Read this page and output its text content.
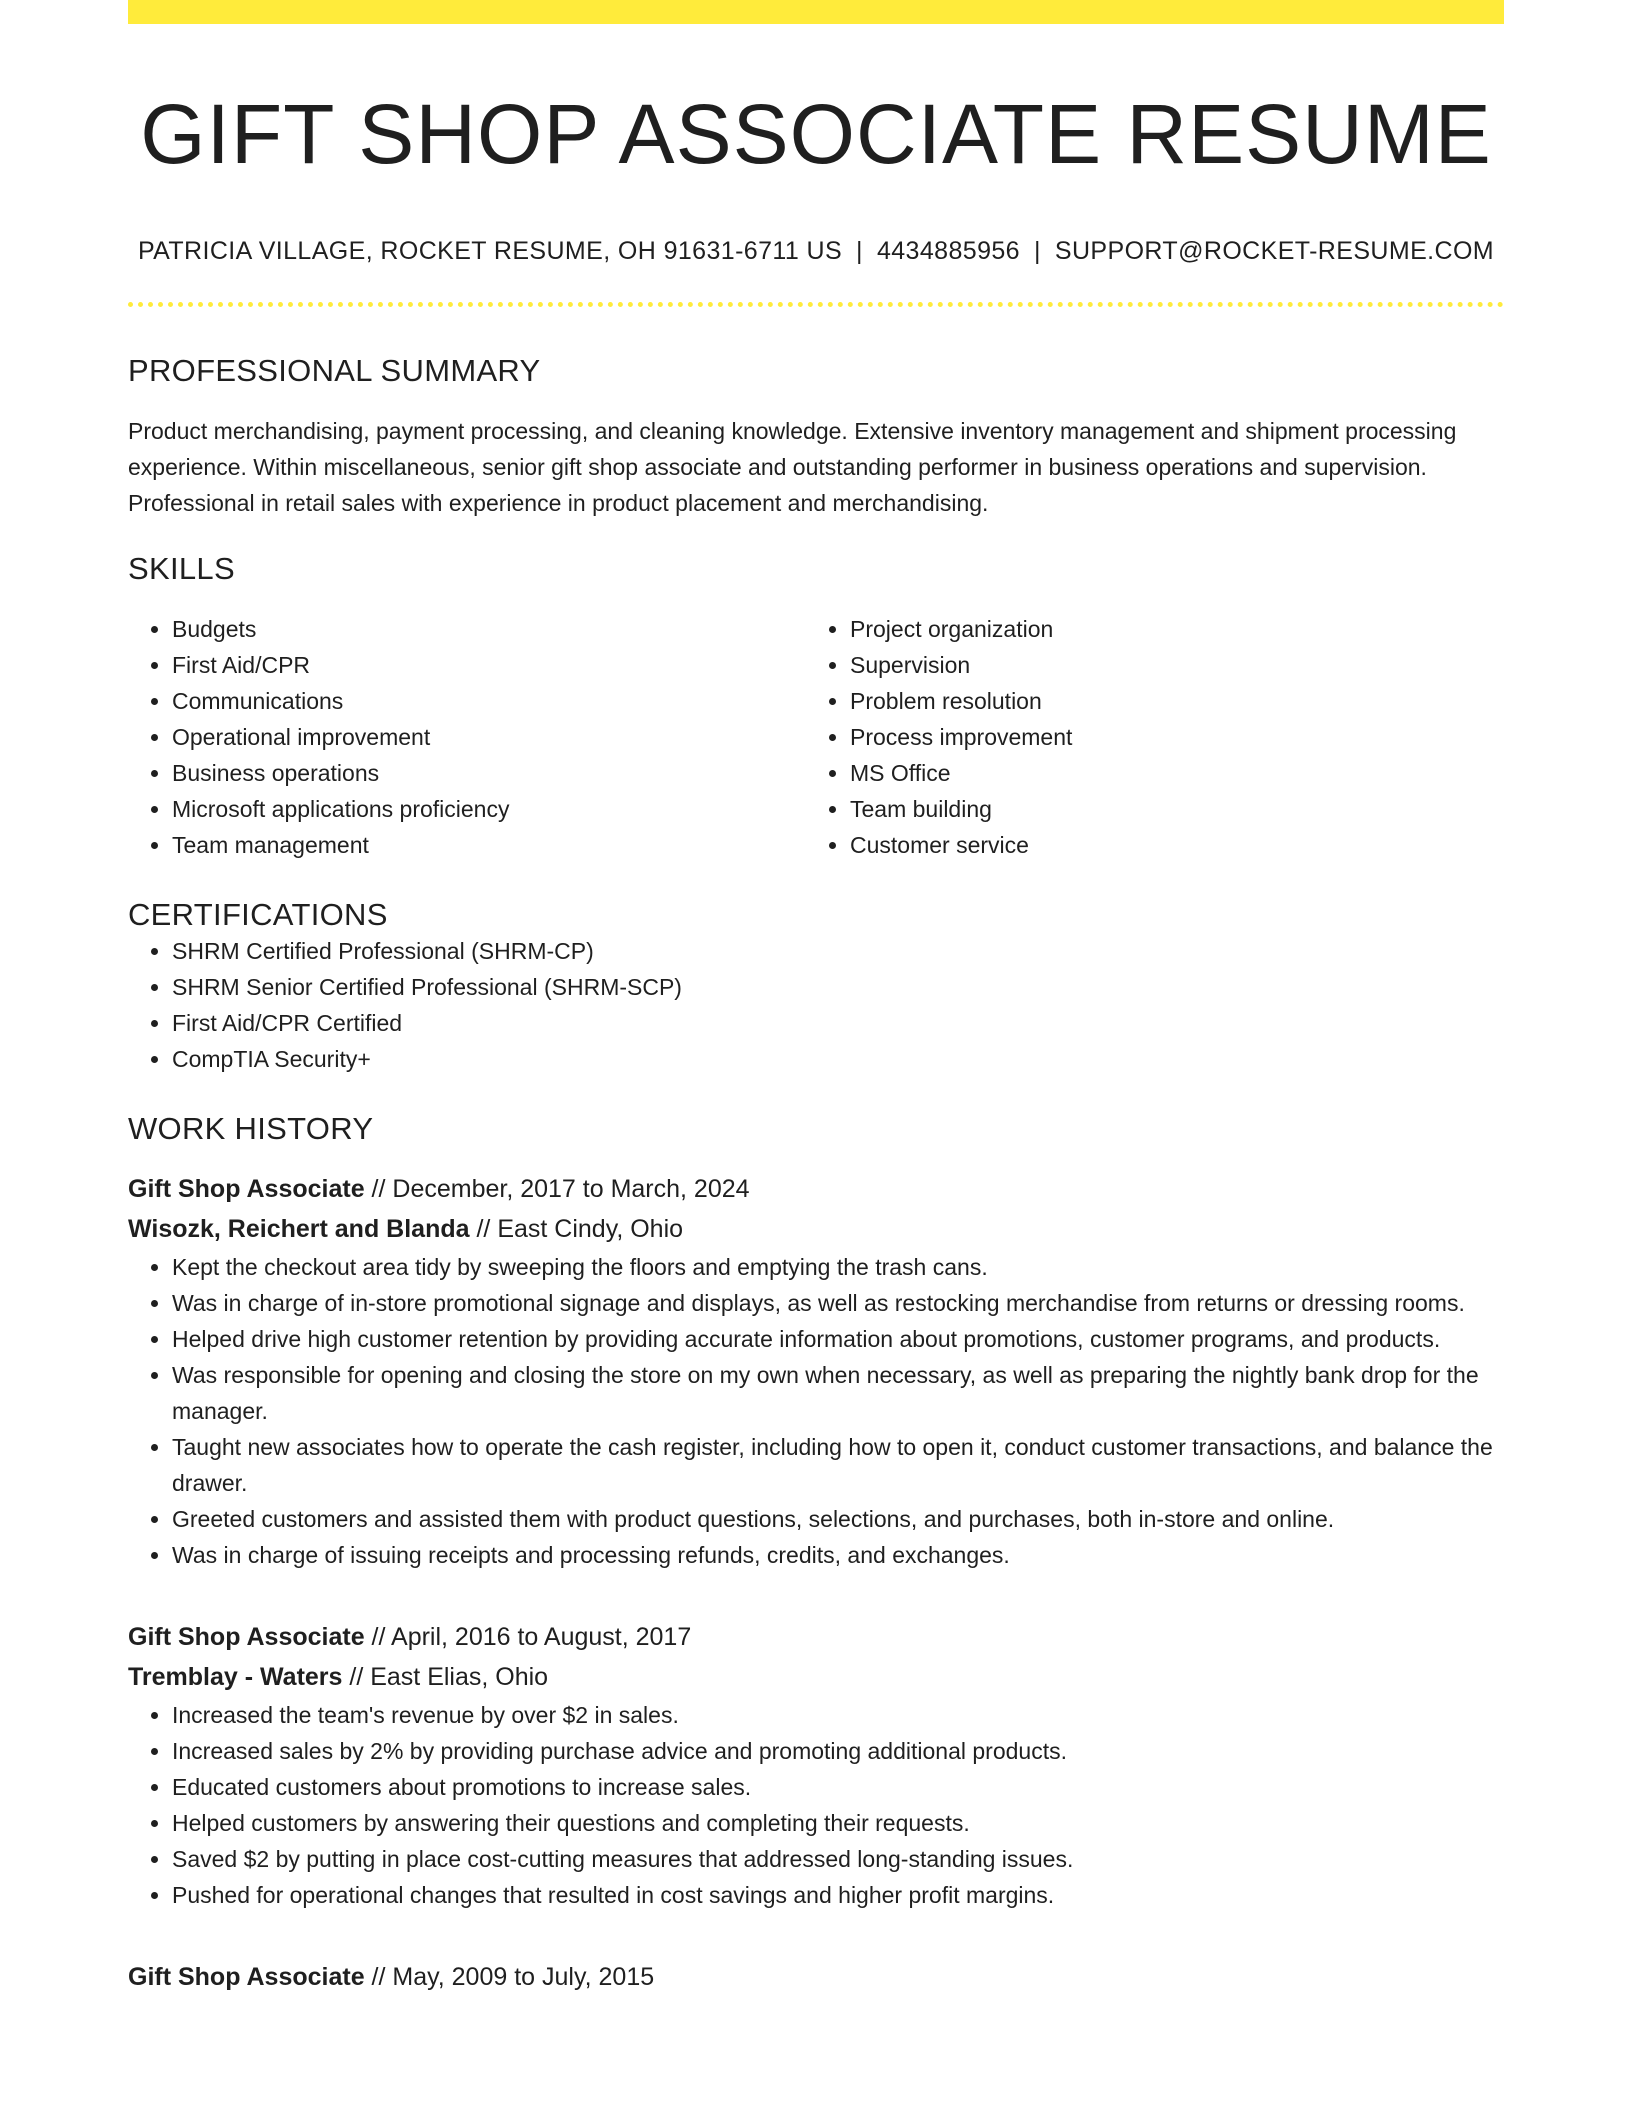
GIFT SHOP ASSOCIATE RESUME
PATRICIA VILLAGE, ROCKET RESUME, OH 91631-6711 US | 4434885956 | SUPPORT@ROCKET-RESUME.COM
PROFESSIONAL SUMMARY

Product merchandising, payment processing, and cleaning knowledge. Extensive inventory management and shipment processing experience. Within miscellaneous, senior gift shop associate and outstanding performer in business operations and supervision. Professional in retail sales with experience in product placement and merchandising.

SKILLS
• Budgets
• First Aid/CPR
• Communications
• Operational improvement
• Business operations
• Microsoft applications proficiency
• Team management
• Project organization
• Supervision
• Problem resolution
• Process improvement
• MS Office
• Team building
• Customer service
CERTIFICATIONS
• SHRM Certified Professional (SHRM-CP)
• SHRM Senior Certified Professional (SHRM-SCP)
• First Aid/CPR Certified
• CompTIA Security+
WORK HISTORY
Gift Shop Associate // December, 2017 to March, 2024
Wisozk, Reichert and Blanda // East Cindy, Ohio
• Kept the checkout area tidy by sweeping the floors and emptying the trash cans.
• Was in charge of in-store promotional signage and displays, as well as restocking merchandise from returns or dressing rooms.
• Helped drive high customer retention by providing accurate information about promotions, customer programs, and products.
• Was responsible for opening and closing the store on my own when necessary, as well as preparing the nightly bank drop for the manager.
• Taught new associates how to operate the cash register, including how to open it, conduct customer transactions, and balance the drawer.
• Greeted customers and assisted them with product questions, selections, and purchases, both in-store and online.
• Was in charge of issuing receipts and processing refunds, credits, and exchanges.
Gift Shop Associate // April, 2016 to August, 2017
Tremblay - Waters // East Elias, Ohio
• Increased the team's revenue by over $2 in sales.
• Increased sales by 2% by providing purchase advice and promoting additional products.
• Educated customers about promotions to increase sales.
• Helped customers by answering their questions and completing their requests.
• Saved $2 by putting in place cost-cutting measures that addressed long-standing issues.
• Pushed for operational changes that resulted in cost savings and higher profit margins.
Gift Shop Associate // May, 2009 to July, 2015
